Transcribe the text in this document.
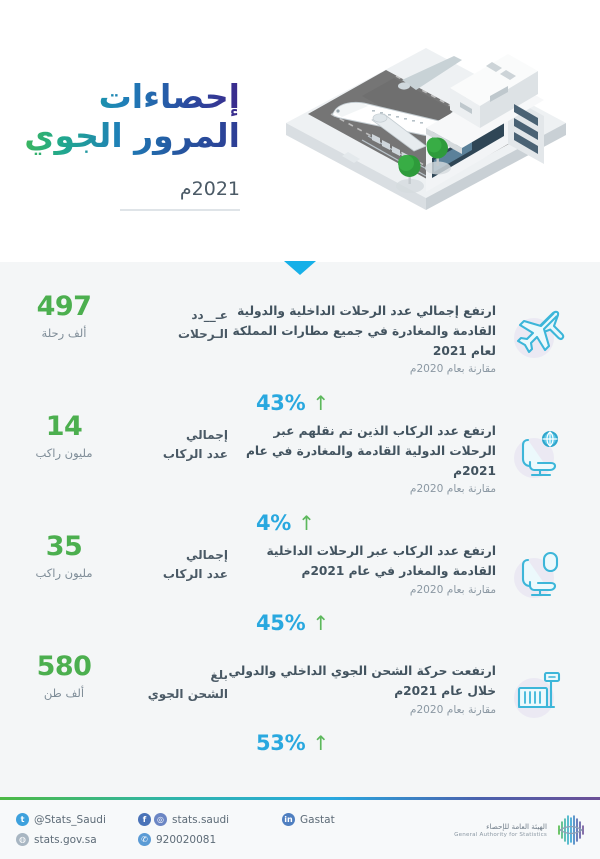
إحصاءات
المرور الجوي
2021م
ارتفع إجمالي عدد الرحلات الداخلية والدولية القادمة والمغادرة في جميع مطارات المملكة لعام 2021
مقارنة بعام 2020م
43% ↑
عـ__دد
الـرحلات
497
ألف رحلة
ارتفع عدد الركاب الذين تم نقلهم عبر الرحلات الدولية القادمة والمغادرة في عام 2021م
مقارنة بعام 2020م
4% ↑
إجمالي
عدد الركاب
14
مليون راكب
ارتفع عدد الركاب عبر الرحلات الداخلية القادمة والمغادر في عام 2021م
مقارنة بعام 2020م
45% ↑
إجمالي
عدد الركاب
35
مليون راكب
ارتفعت حركة الشحن الجوي الداخلي والدولي خلال عام 2021م
مقارنة بعام 2020م
53% ↑
بلغ
الشحن الجوي
580
ألف طن
t @Stats_Saudi	f	◎ stats.saudi	in Gastat
◍ stats.gov.sa	✆ 920020081
الهيئة العامة للإحصاء
General Authority for Statistics
